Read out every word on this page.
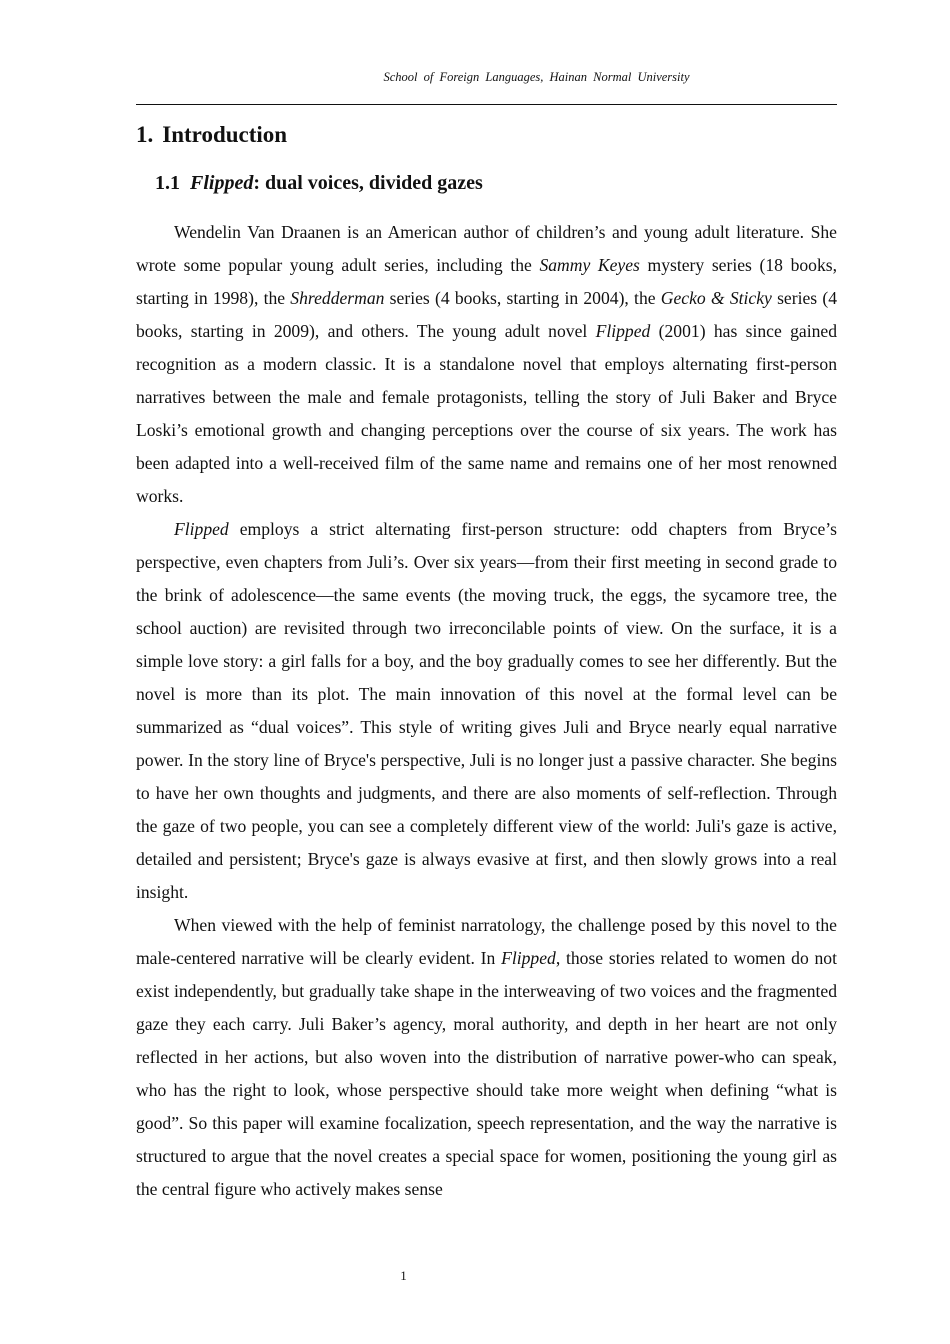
School of Foreign Languages, Hainan Normal University
1. Introduction
1.1 Flipped: dual voices, divided gazes

Wendelin Van Draanen is an American author of children’s and young adult literature. She wrote some popular young adult series, including the Sammy Keyes mystery series (18 books, starting in 1998), the Shredderman series (4 books, starting in 2004), the Gecko & Sticky series (4 books, starting in 2009), and others. The young adult novel Flipped (2001) has since gained recognition as a modern classic. It is a standalone novel that employs alternating first-person narratives between the male and female protagonists, telling the story of Juli Baker and Bryce Loski’s emotional growth and changing perceptions over the course of six years. The work has been adapted into a well-received film of the same name and remains one of her most renowned works.

Flipped employs a strict alternating first-person structure: odd chapters from Bryce’s perspective, even chapters from Juli’s. Over six years—from their first meeting in second grade to the brink of adolescence—the same events (the moving truck, the eggs, the sycamore tree, the school auction) are revisited through two irreconcilable points of view. On the surface, it is a simple love story: a girl falls for a boy, and the boy gradually comes to see her differently. But the novel is more than its plot. The main innovation of this novel at the formal level can be summarized as “dual voices”. This style of writing gives Juli and Bryce nearly equal narrative power. In the story line of Bryce's perspective, Juli is no longer just a passive character. She begins to have her own thoughts and judgments, and there are also moments of self-reflection. Through the gaze of two people, you can see a completely different view of the world: Juli's gaze is active, detailed and persistent; Bryce's gaze is always evasive at first, and then slowly grows into a real insight.

When viewed with the help of feminist narratology, the challenge posed by this novel to the male-centered narrative will be clearly evident. In Flipped, those stories related to women do not exist independently, but gradually take shape in the interweaving of two voices and the fragmented gaze they each carry. Juli Baker’s agency, moral authority, and depth in her heart are not only reflected in her actions, but also woven into the distribution of narrative power-who can speak, who has the right to look, whose perspective should take more weight when defining “what is good”. So this paper will examine focalization, speech representation, and the way the narrative is structured to argue that the novel creates a special space for women, positioning the young girl as the central figure who actively makes sense

1
